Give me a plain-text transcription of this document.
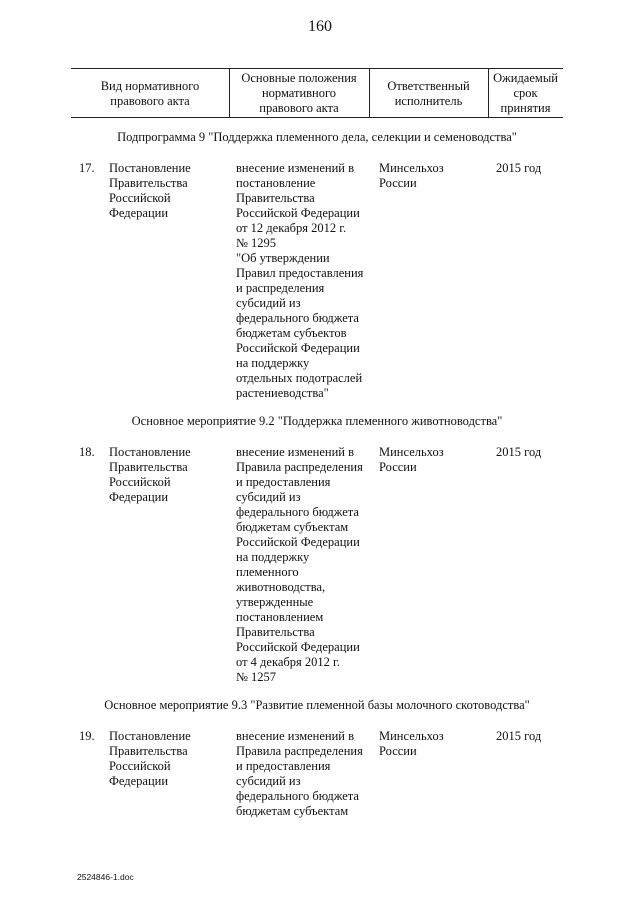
160
Вид нормативного
правового акта
Основные положения
нормативного
правового акта
Ответственный
исполнитель
Ожидаемый
срок
принятия
Подпрограмма 9 "Поддержка племенного дела, селекции и семеноводства"
17. Постановление
Правительства
Российской
Федерации
внесение изменений в
постановление
Правительства
Российской Федерации
от 12 декабря 2012 г.
№ 1295
"Об утверждении
Правил предоставления
и распределения
субсидий из
федерального бюджета
бюджетам субъектов
Российской Федерации
на поддержку
отдельных подотраслей
растениеводства"
Минсельхоз
России
2015 год
Основное мероприятие 9.2 "Поддержка племенного животноводства"
18. Постановление
Правительства
Российской
Федерации
внесение изменений в
Правила распределения
и предоставления
субсидий из
федерального бюджета
бюджетам субъектам
Российской Федерации
на поддержку
племенного
животноводства,
утвержденные
постановлением
Правительства
Российской Федерации
от 4 декабря 2012 г.
№ 1257
Минсельхоз
России
2015 год
Основное мероприятие 9.3 "Развитие племенной базы молочного скотоводства"
19. Постановление
Правительства
Российской
Федерации
внесение изменений в
Правила распределения
и предоставления
субсидий из
федерального бюджета
бюджетам субъектам
Минсельхоз
России
2015 год
2524846-1.doc
